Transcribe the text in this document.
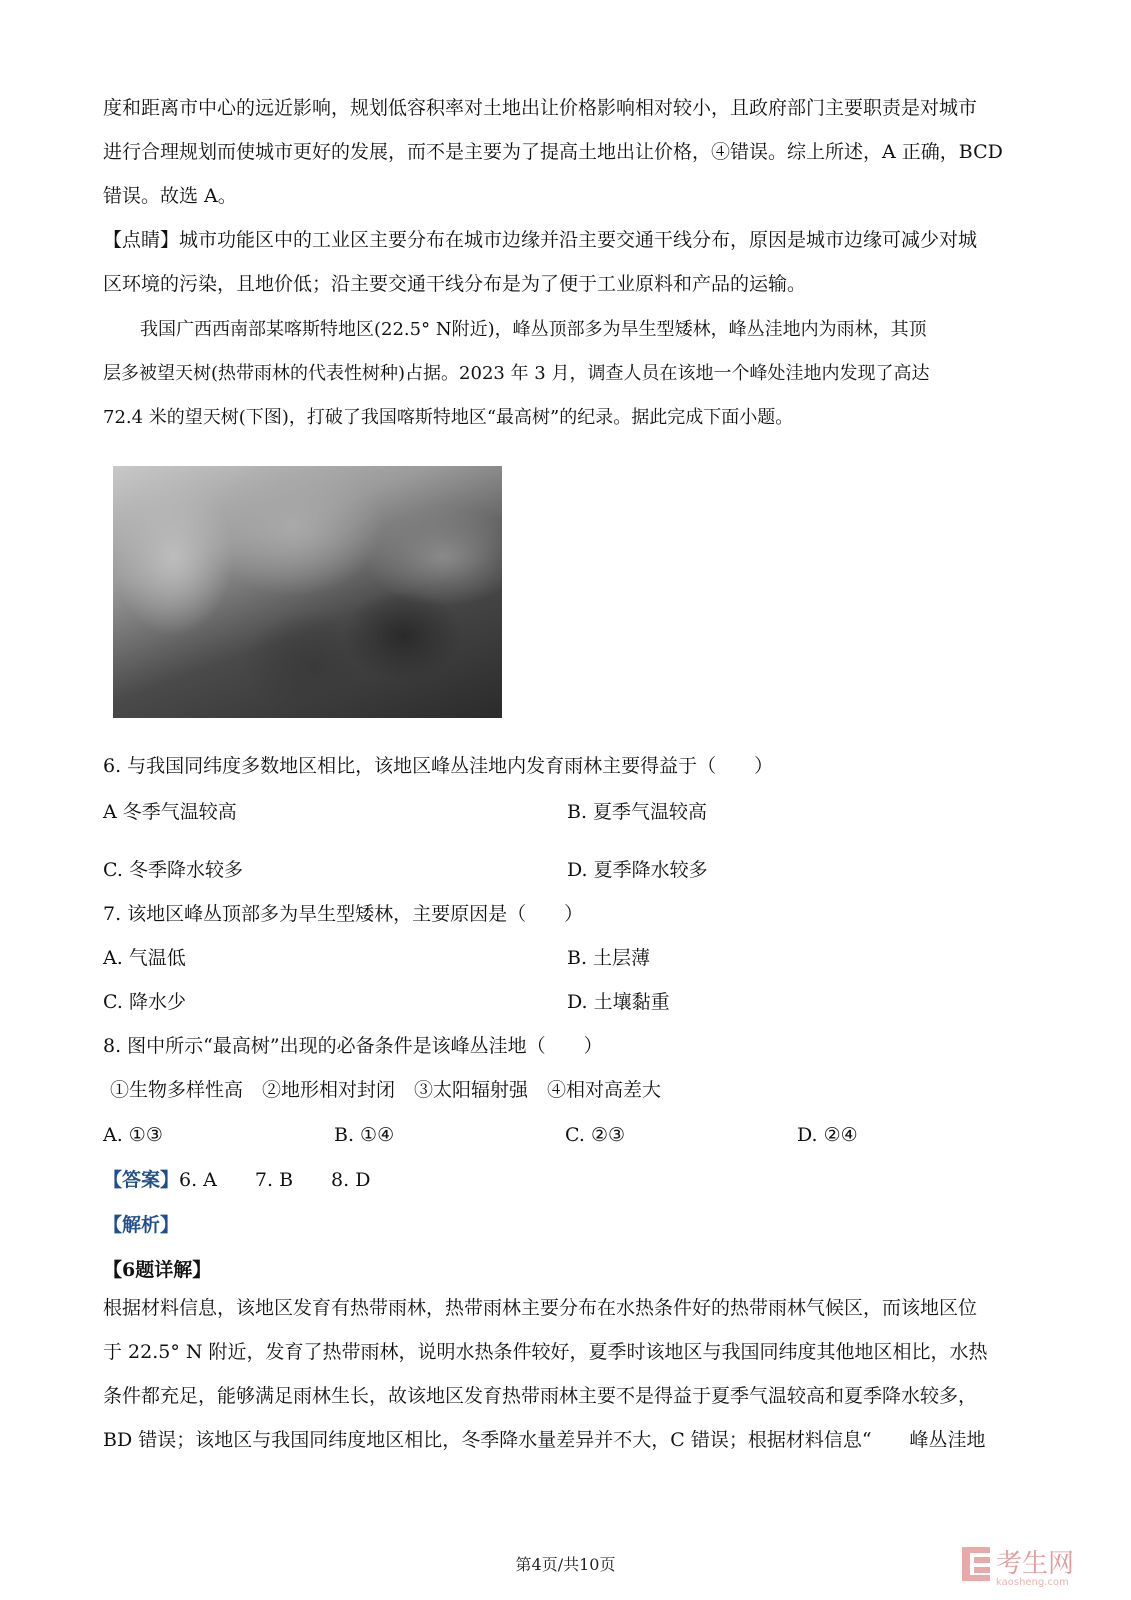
度和距离市中心的远近影响，规划低容积率对土地出让价格影响相对较小，且政府部门主要职责是对城市

进行合理规划而使城市更好的发展，而不是主要为了提高土地出让价格，④错误。综上所述，A 正确，BCD

错误。故选 A。

【点睛】城市功能区中的工业区主要分布在城市边缘并沿主要交通干线分布，原因是城市边缘可减少对城

区环境的污染，且地价低；沿主要交通干线分布是为了便于工业原料和产品的运输。

我国广西西南部某喀斯特地区(22.5° N附近)，峰丛顶部多为旱生型矮林，峰丛洼地内为雨林，其顶

层多被望天树(热带雨林的代表性树种)占据。2023 年 3 月，调查人员在该地一个峰处洼地内发现了高达

72.4 米的望天树(下图)，打破了我国喀斯特地区“最高树”的纪录。据此完成下面小题。

6. 与我国同纬度多数地区相比，该地区峰丛洼地内发育雨林主要得益于（　　）
A 冬季气温较高	B. 夏季气温较高
C. 冬季降水较多	D. 夏季降水较多
7. 该地区峰丛顶部多为旱生型矮林，主要原因是（　　）
A. 气温低	B. 土层薄
C. 降水少	D. 土壤黏重
8. 图中所示“最高树”出现的必备条件是该峰丛洼地（　　）
①生物多样性高　②地形相对封闭　③太阳辐射强　④相对高差大
A. ①③	B. ①④	C. ②③	D. ②④
【答案】6. A　　7. B　　8. D
【解析】
【6题详解】

根据材料信息，该地区发育有热带雨林，热带雨林主要分布在水热条件好的热带雨林气候区，而该地区位

于 22.5° N 附近，发育了热带雨林，说明水热条件较好，夏季时该地区与我国同纬度其他地区相比，水热

条件都充足，能够满足雨林生长，故该地区发育热带雨林主要不是得益于夏季气温较高和夏季降水较多，

BD 错误；该地区与我国同纬度地区相比，冬季降水量差异并不大，C 错误；根据材料信息“　　峰丛洼地

第4页/共10页	考生网
kaosheng.com
